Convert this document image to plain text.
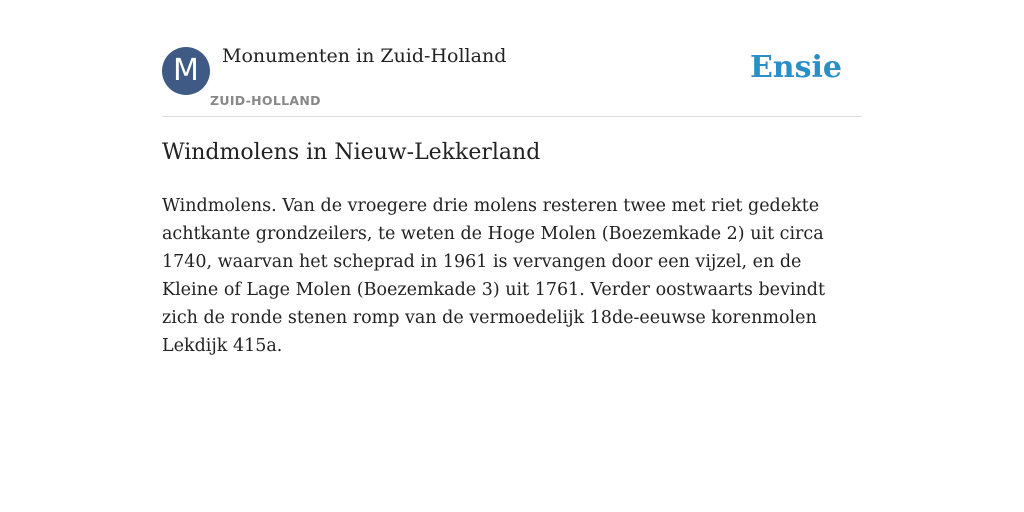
M	Monumenten in Zuid-Holland
ZUID-HOLLAND
Ensie
Windmolens in Nieuw-Lekkerland

Windmolens. Van de vroegere drie molens resteren twee met riet gedekte achtkante grondzeilers, te weten de Hoge Molen (Boezemkade 2) uit circa 1740, waarvan het scheprad in 1961 is vervangen door een vijzel, en de Kleine of Lage Molen (Boezemkade 3) uit 1761. Verder oostwaarts bevindt zich de ronde stenen romp van de vermoedelijk 18de-eeuwse korenmolen Lekdijk 415a.
